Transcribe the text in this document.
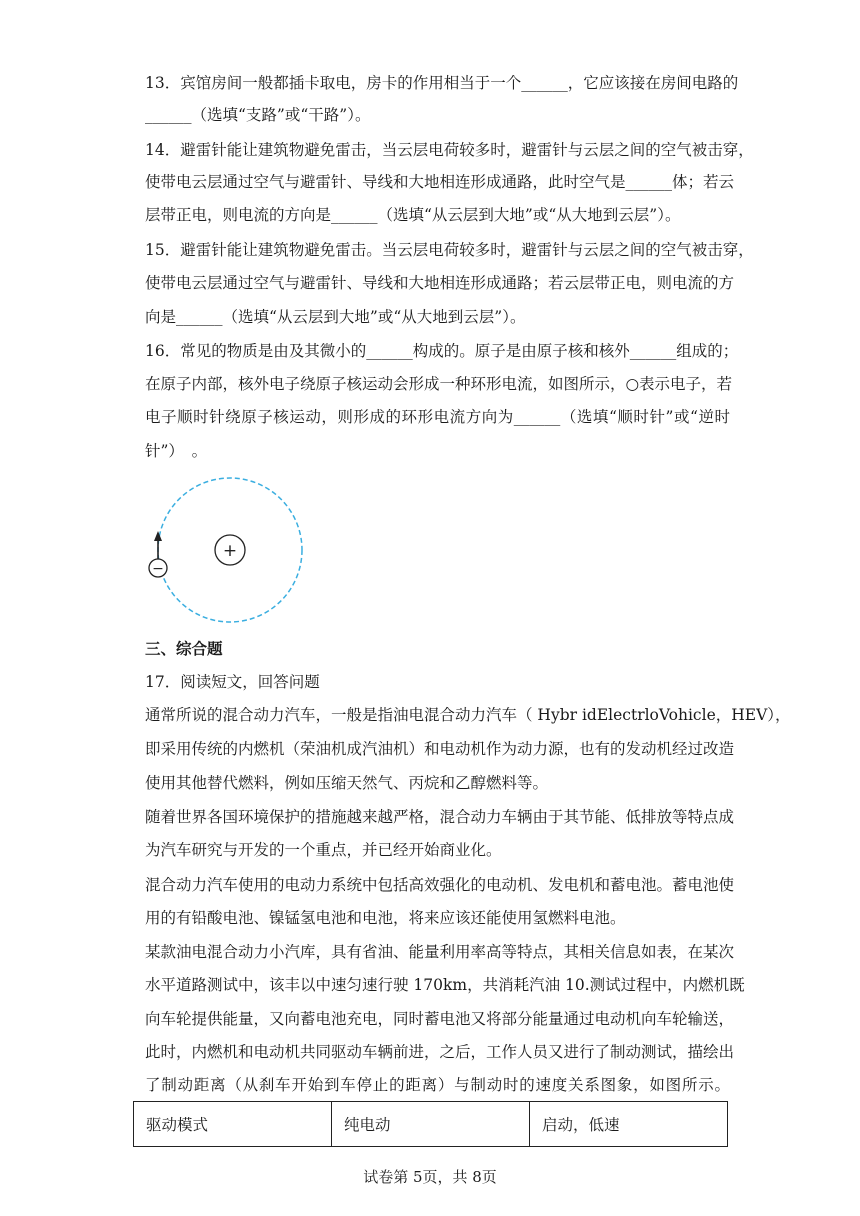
13．宾馆房间一般都插卡取电，房卡的作用相当于一个______，它应该接在房间电路的
______（选填“支路”或“干路”）。
14．避雷针能让建筑物避免雷击，当云层电荷较多时，避雷针与云层之间的空气被击穿，
使带电云层通过空气与避雷针、导线和大地相连形成通路，此时空气是______体；若云
层带正电，则电流的方向是______（选填“从云层到大地”或“从大地到云层”）。
15．避雷针能让建筑物避免雷击。当云层电荷较多时，避雷针与云层之间的空气被击穿，
使带电云层通过空气与避雷针、导线和大地相连形成通路；若云层带正电，则电流的方
向是______（选填“从云层到大地”或“从大地到云层”）。
16．常见的物质是由及其微小的______构成的。原子是由原子核和核外______组成的；
在原子内部，核外电子绕原子核运动会形成一种环形电流，如图所示，○表示电子，若
电子顺时针绕原子核运动，则形成的环形电流方向为______（选填“顺时针”或“逆时
针”）　。
+
−
三、综合题
17．阅读短文，回答问题
通常所说的混合动力汽车，一般是指油电混合动力汽车（ Hybr idElectrloVohicle，HEV），
即采用传统的内燃机（荣油机成汽油机）和电动机作为动力源，也有的发动机经过改造
使用其他替代燃料，例如压缩天然气、丙烷和乙醇燃料等。
随着世界各国环境保护的措施越来越严格，混合动力车辆由于其节能、低排放等特点成
为汽车研究与开发的一个重点，并已经开始商业化。
混合动力汽车使用的电动力系统中包括高效强化的电动机、发电机和蓄电池。蓄电池使
用的有铅酸电池、镍锰氢电池和电池，将来应该还能使用氢燃料电池。
某款油电混合动力小汽库，具有省油、能量利用率高等特点，其相关信息如表，在某次
水平道路测试中，该丰以中速匀速行驶 170km，共消耗汽油 10.测试过程中，内燃机既
向车轮提供能量，又向蓄电池充电，同时蓄电池又将部分能量通过电动机向车轮输送，
此时，内燃机和电动机共同驱动车辆前进，之后，工作人员又进行了制动测试，描绘出
了制动距离（从刹车开始到车停止的距离）与制动时的速度关系图象，如图所示。
驱动模式	纯电动	启动，低速
试卷第 5页，共 8页
